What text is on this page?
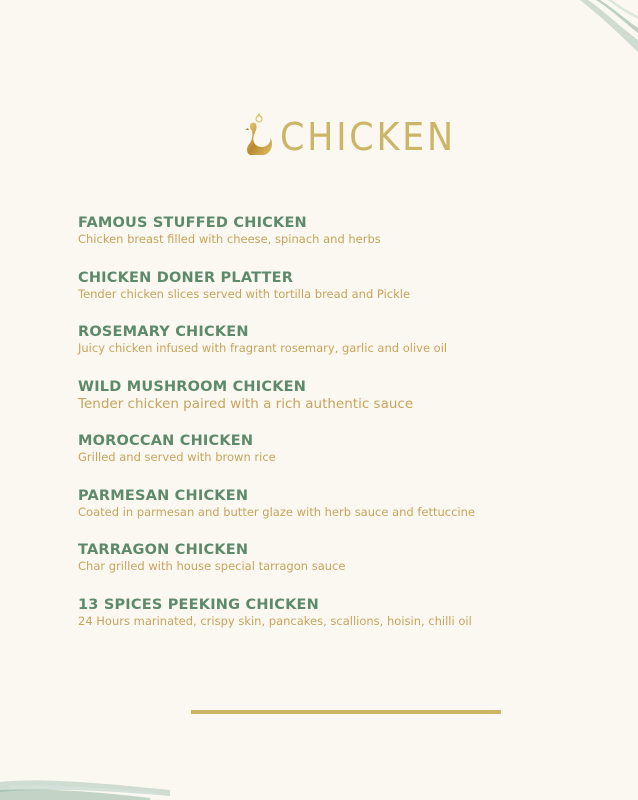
CHICKEN
FAMOUS STUFFED CHICKEN
Chicken breast filled with cheese, spinach and herbs
CHICKEN DONER PLATTER
Tender chicken slices served with tortilla bread and Pickle
ROSEMARY CHICKEN
Juicy chicken infused with fragrant rosemary, garlic and olive oil
WILD MUSHROOM CHICKEN
Tender chicken paired with a rich authentic sauce
MOROCCAN CHICKEN
Grilled and served with brown rice
PARMESAN CHICKEN
Coated in parmesan and butter glaze with herb sauce and fettuccine
TARRAGON CHICKEN
Char grilled with house special tarragon sauce
13 SPICES PEEKING CHICKEN
24 Hours marinated, crispy skin, pancakes, scallions, hoisin, chilli oil
